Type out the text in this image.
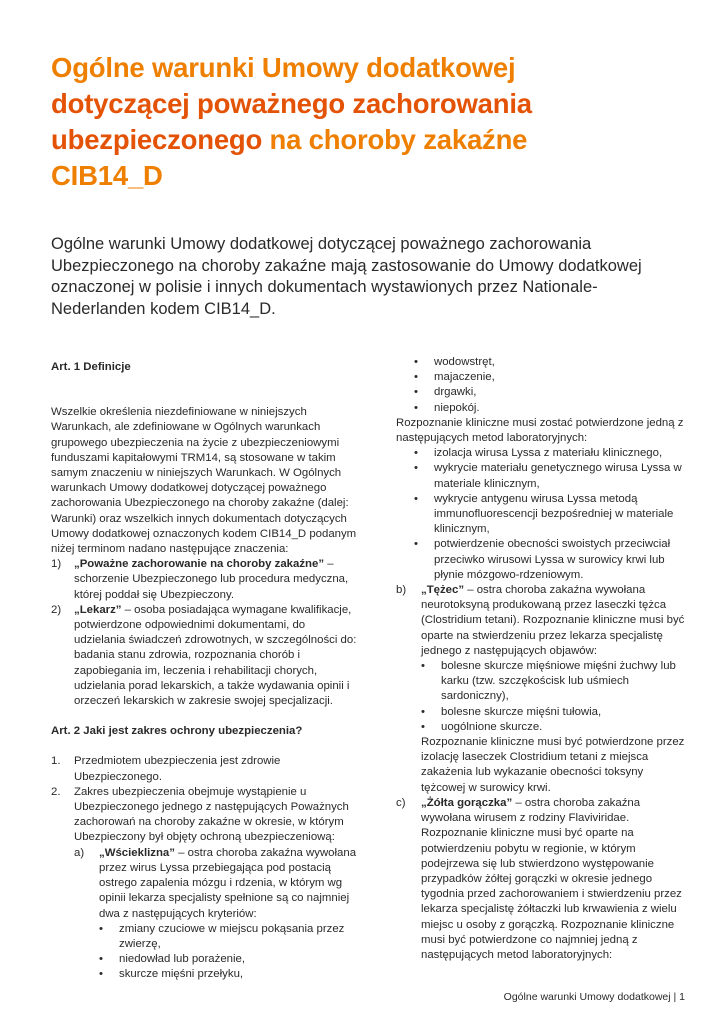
Ogólne warunki Umowy dodatkowej
dotyczącej poważnego zachorowania
ubezpieczonego na choroby zakaźne
CIB14_D

Ogólne warunki Umowy dodatkowej dotyczącej poważnego zachorowania Ubezpieczonego na choroby zakaźne mają zastosowanie do Umowy dodatkowej oznaczonej w polisie i innych dokumentach wystawionych przez Nationale-Nederlanden kodem CIB14_D.

Art. 1 Definicje

Wszelkie określenia niezdefiniowane w niniejszych Warunkach, ale zdefiniowane w Ogólnych warunkach grupowego ubezpieczenia na życie z ubezpieczeniowymi funduszami kapitałowymi TRM14, są stosowane w takim samym znaczeniu w niniejszych Warunkach. W Ogólnych warunkach Umowy dodatkowej dotyczącej poważnego zachorowania Ubezpieczonego na choroby zakaźne (dalej: Warunki) oraz wszelkich innych dokumentach dotyczących Umowy dodatkowej oznaczonych kodem CIB14_D podanym niżej terminom nadano następujące znaczenia:

1)	„Poważne zachorowanie na choroby zakaźne” – schorzenie Ubezpieczonego lub procedura medyczna, której poddał się Ubezpieczony.
2)	„Lekarz” – osoba posiadająca wymagane kwalifikacje, potwierdzone odpowiednimi dokumentami, do udzielania świadczeń zdrowotnych, w szczególności do: badania stanu zdrowia, rozpoznania chorób i zapobiegania im, leczenia i rehabilitacji chorych, udzielania porad lekarskich, a także wydawania opinii i orzeczeń lekarskich w zakresie swojej specjalizacji.

Art. 2 Jaki jest zakres ochrony ubezpieczenia?

1.	Przedmiotem ubezpieczenia jest zdrowie Ubezpieczonego.
2.	Zakres ubezpieczenia obejmuje wystąpienie u Ubezpieczonego jednego z następujących Poważnych zachorowań na choroby zakaźne w okresie, w którym Ubezpieczony był objęty ochroną ubezpieczeniową:
a)	„Wścieklizna” – ostra choroba zakaźna wywołana przez wirus Lyssa przebiegająca pod postacią ostrego zapalenia mózgu i rdzenia, w którym wg opinii lekarza specjalisty spełnione są co najmniej dwa z następujących kryteriów:
•	zmiany czuciowe w miejscu pokąsania przez zwierzę,
•	niedowład lub porażenie,
•	skurcze mięśni przełyku,
•	wodowstręt,
•	majaczenie,
•	drgawki,
•	niepokój.

Rozpoznanie kliniczne musi zostać potwierdzone jedną z następujących metod laboratoryjnych:

•	izolacja wirusa Lyssa z materiału klinicznego,
•	wykrycie materiału genetycznego wirusa Lyssa w materiale klinicznym,
•	wykrycie antygenu wirusa Lyssa metodą immunofluorescencji bezpośredniej w materiale klinicznym,
•	potwierdzenie obecności swoistych przeciwciał przeciwko wirusowi Lyssa w surowicy krwi lub płynie mózgowo-rdzeniowym.
b)	„Tężec” – ostra choroba zakaźna wywołana neurotoksyną produkowaną przez laseczki tężca (Clostridium tetani). Rozpoznanie kliniczne musi być oparte na stwierdzeniu przez lekarza specjalistę jednego z następujących objawów:
•	bolesne skurcze mięśniowe mięśni żuchwy lub karku (tzw. szczękościsk lub uśmiech sardoniczny),
•	bolesne skurcze mięśni tułowia,
•	uogólnione skurcze.
Rozpoznanie kliniczne musi być potwierdzone przez izolację laseczek Clostridium tetani z miejsca zakażenia lub wykazanie obecności toksyny tężcowej w surowicy krwi.
c)	„Żółta gorączka” – ostra choroba zakaźna wywołana wirusem z rodziny Flaviviridae. Rozpoznanie kliniczne musi być oparte na potwierdzeniu pobytu w regionie, w którym podejrzewa się lub stwierdzono występowanie przypadków żółtej gorączki w okresie jednego tygodnia przed zachorowaniem i stwierdzeniu przez lekarza specjalistę żółtaczki lub krwawienia z wielu miejsc u osoby z gorączką. Rozpoznanie kliniczne musi być potwierdzone co najmniej jedną z następujących metod laboratoryjnych:
Ogólne warunki Umowy dodatkowej | 1
